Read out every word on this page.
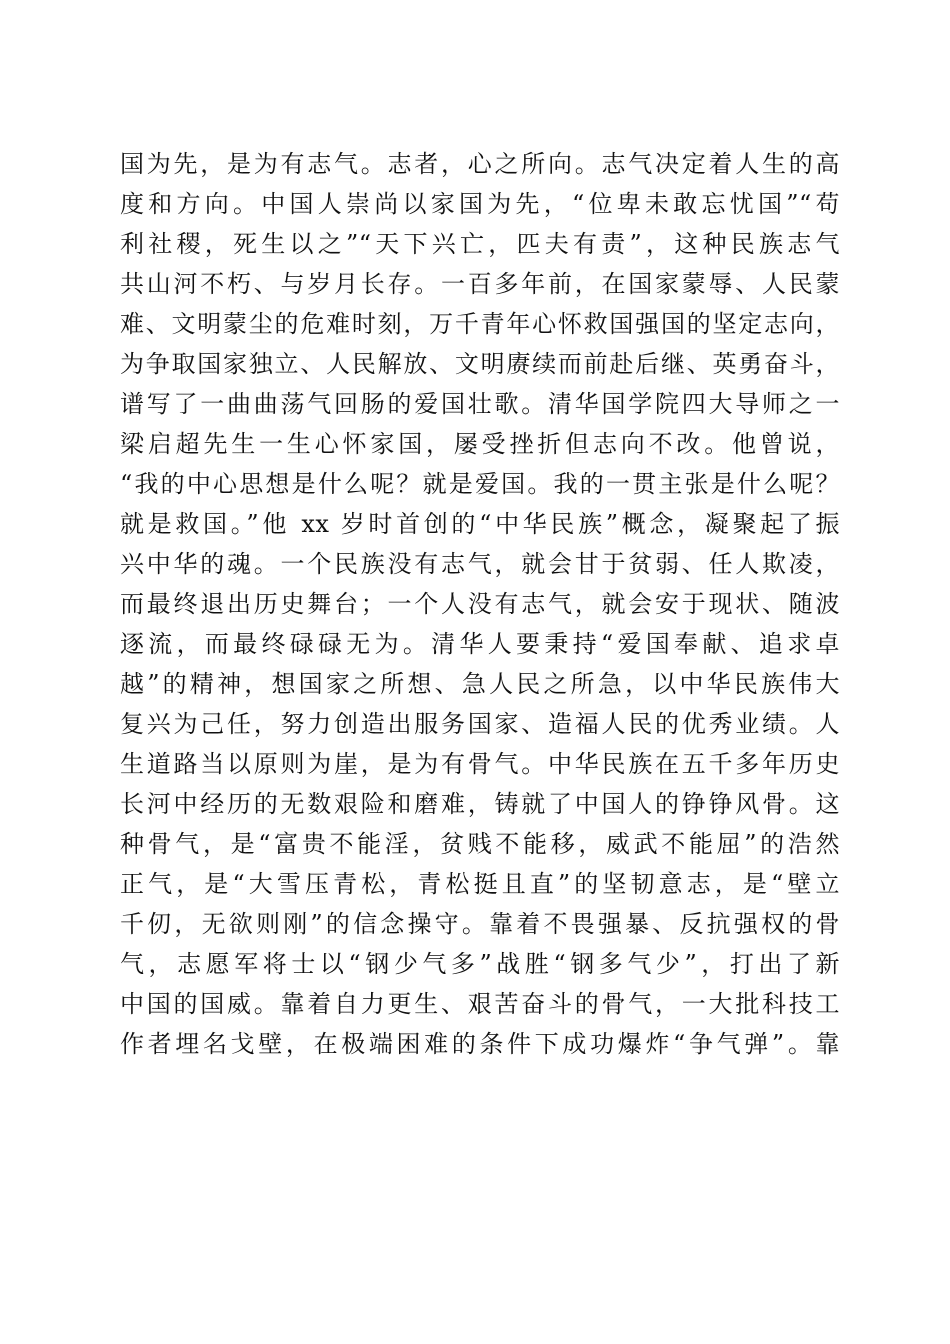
国为先，是为有志气。志者，心之所向。志气决定着人生的高
度和方向。中国人崇尚以家国为先，“位卑未敢忘忧国”“苟
利社稷，死生以之”“天下兴亡，匹夫有责”，这种民族志气
共山河不朽、与岁月长存。一百多年前，在国家蒙辱、人民蒙
难、文明蒙尘的危难时刻，万千青年心怀救国强国的坚定志向，
为争取国家独立、人民解放、文明赓续而前赴后继、英勇奋斗，
谱写了一曲曲荡气回肠的爱国壮歌。清华国学院四大导师之一
梁启超先生一生心怀家国，屡受挫折但志向不改。他曾说，
“我的中心思想是什么呢？就是爱国。我的一贯主张是什么呢？
就是救国。”他 xx 岁时首创的“中华民族”概念，凝聚起了振
兴中华的魂。一个民族没有志气，就会甘于贫弱、任人欺凌，
而最终退出历史舞台；一个人没有志气，就会安于现状、随波
逐流，而最终碌碌无为。清华人要秉持“爱国奉献、追求卓
越”的精神，想国家之所想、急人民之所急，以中华民族伟大
复兴为己任，努力创造出服务国家、造福人民的优秀业绩。人
生道路当以原则为崖，是为有骨气。中华民族在五千多年历史
长河中经历的无数艰险和磨难，铸就了中国人的铮铮风骨。这
种骨气，是“富贵不能淫，贫贱不能移，威武不能屈”的浩然
正气，是“大雪压青松，青松挺且直”的坚韧意志，是“壁立
千仞，无欲则刚”的信念操守。靠着不畏强暴、反抗强权的骨
气，志愿军将士以“钢少气多”战胜“钢多气少”，打出了新
中国的国威。靠着自力更生、艰苦奋斗的骨气，一大批科技工
作者埋名戈壁，在极端困难的条件下成功爆炸“争气弹”。靠
